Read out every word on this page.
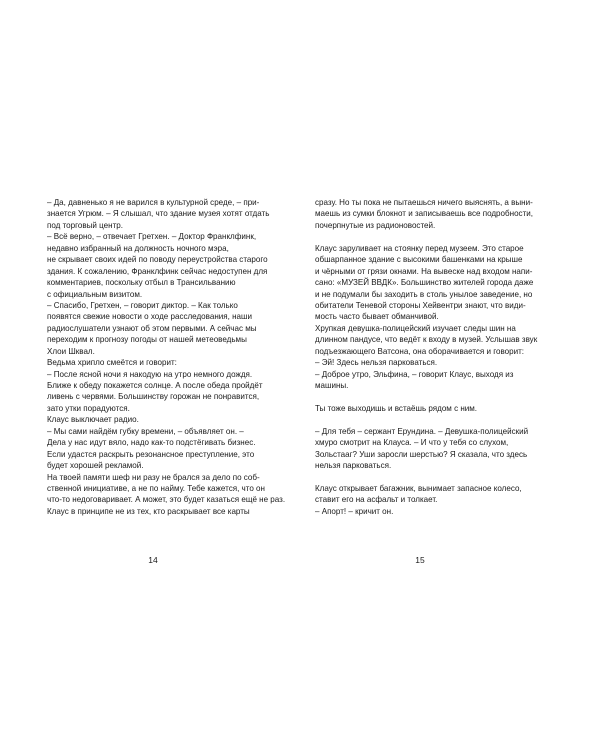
– Да, давненько я не варился в культурной среде, – при-
знается Угрюм. – Я слышал, что здание музея хотят отдать
под торговый центр.
– Всё верно, – отвечает Гретхен. – Доктор Франклфинк,
недавно избранный на должность ночного мэра,
не скрывает своих идей по поводу переустройства старого
здания. К сожалению, Франклфинк сейчас недоступен для
комментариев, поскольку отбыл в Трансильванию
с официальным визитом.
– Спасибо, Гретхен, – говорит диктор. – Как только
появятся свежие новости о ходе расследования, наши
радиослушатели узнают об этом первыми. А сейчас мы
переходим к прогнозу погоды от нашей метеоведьмы
Хлои Шквал.
Ведьма хрипло смеётся и говорит:
– После ясной ночи я накодую на утро немного дождя.
Ближе к обеду покажется солнце. А после обеда пройдёт
ливень с червями. Большинству горожан не понравится,
зато утки порадуются.
Клаус выключает радио.
– Мы сами найдём губку времени, – объявляет он. –
Дела у нас идут вяло, надо как-то подстёгивать бизнес.
Если удастся раскрыть резонансное преступление, это
будет хорошей рекламой.
На твоей памяти шеф ни разу не брался за дело по соб-
ственной инициативе, а не по найму. Тебе кажется, что он
что-то недоговаривает. А может, это будет казаться ещё не раз.
Клаус в принципе не из тех, кто раскрывает все карты
сразу. Но ты пока не пытаешься ничего выяснять, а выни-
маешь из сумки блокнот и записываешь все подробности,
почерпнутые из радионовостей.
Клаус заруливает на стоянку перед музеем. Это старое
обшарпанное здание с высокими башенками на крыше
и чёрными от грязи окнами. На вывеске над входом напи-
сано: «МУЗЕЙ ВВДК». Большинство жителей города даже
и не подумали бы заходить в столь унылое заведение, но
обитатели Теневой стороны Хейвентри знают, что види-
мость часто бывает обманчивой.
Хрупкая девушка-полицейский изучает следы шин на
длинном пандусе, что ведёт к входу в музей. Услышав звук
подъезжающего Ватсона, она оборачивается и говорит:
– Эй! Здесь нельзя парковаться.
– Доброе утро, Эльфина, – говорит Клаус, выходя из
машины.
Ты тоже выходишь и встаёшь рядом с ним.
– Для тебя – сержант Ерундина. – Девушка-полицейский
хмуро смотрит на Клауса. – И что у тебя со слухом,
Зольстааг? Уши заросли шерстью? Я сказала, что здесь
нельзя парковаться.
Клаус открывает багажник, вынимает запасное колесо,
ставит его на асфальт и толкает.
– Апорт! – кричит он.
14	15
